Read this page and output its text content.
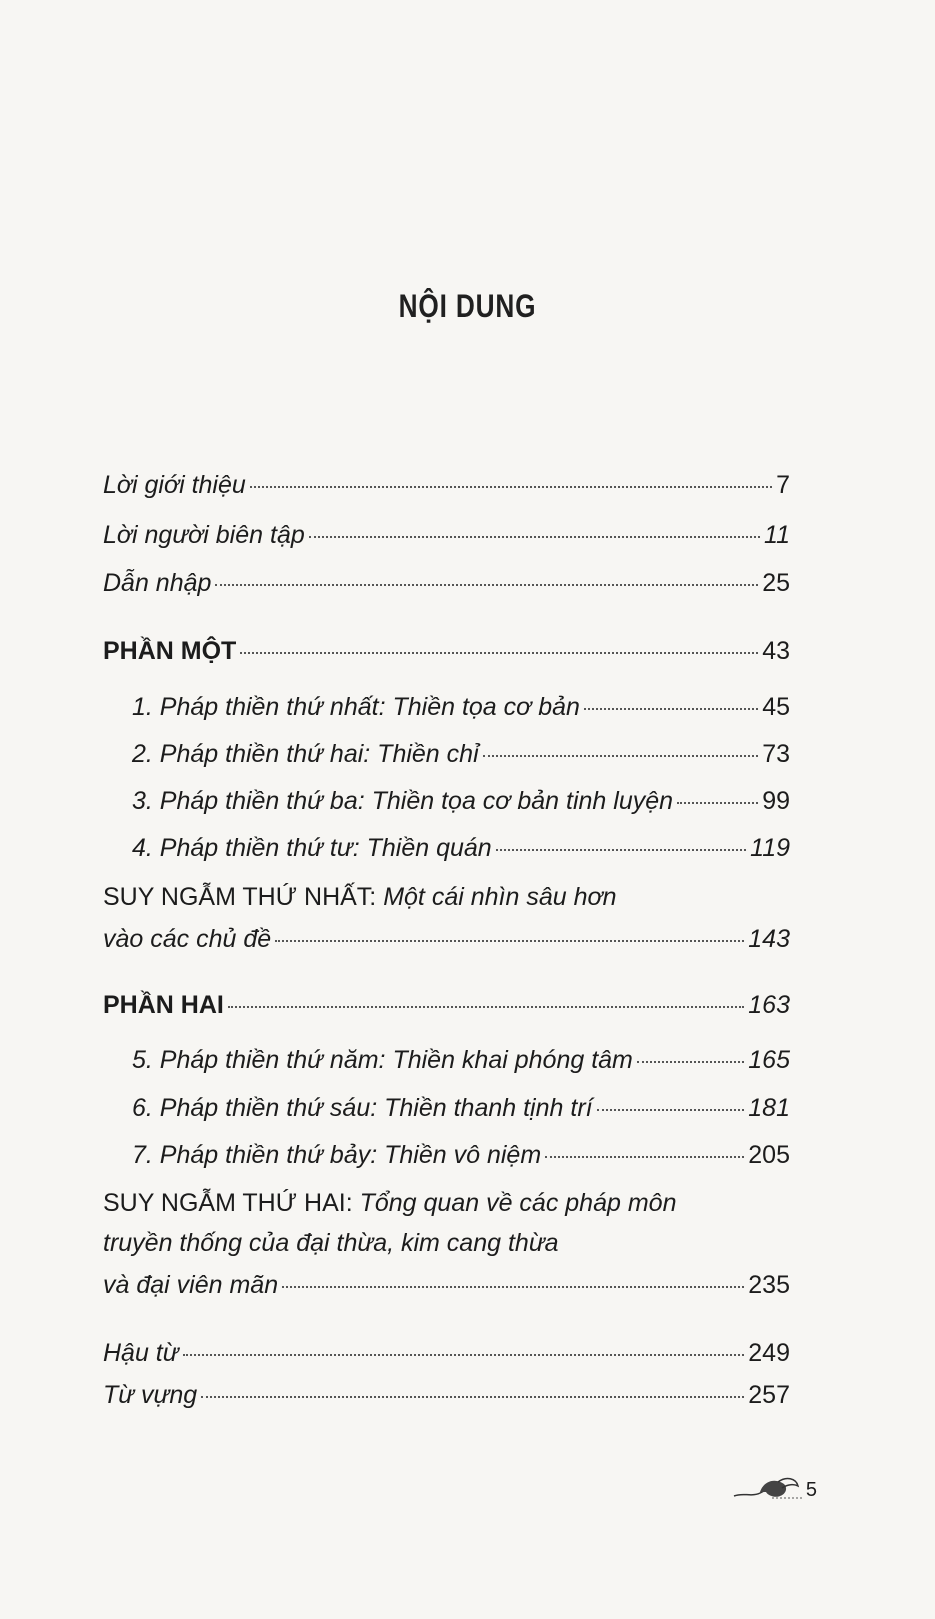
NỘI DUNG
Lời giới thiệu	7
Lời người biên tập	11
Dẫn nhập	25
PHẦN MỘT	43
1. Pháp thiền thứ nhất: Thiền tọa cơ bản	45
2. Pháp thiền thứ hai: Thiền chỉ	73
3. Pháp thiền thứ ba: Thiền tọa cơ bản tinh luyện	99
4. Pháp thiền thứ tư: Thiền quán	119
SUY NGẪM THỨ NHẤT: Một cái nhìn sâu hơn
vào các chủ đề	143
PHẦN HAI	163
5. Pháp thiền thứ năm: Thiền khai phóng tâm	165
6. Pháp thiền thứ sáu: Thiền thanh tịnh trí	181
7. Pháp thiền thứ bảy: Thiền vô niệm	205
SUY NGẪM THỨ HAI: Tổng quan về các pháp môn
truyền thống của đại thừa, kim cang thừa
và đại viên mãn	235
Hậu từ	249
Từ vựng	257
5
